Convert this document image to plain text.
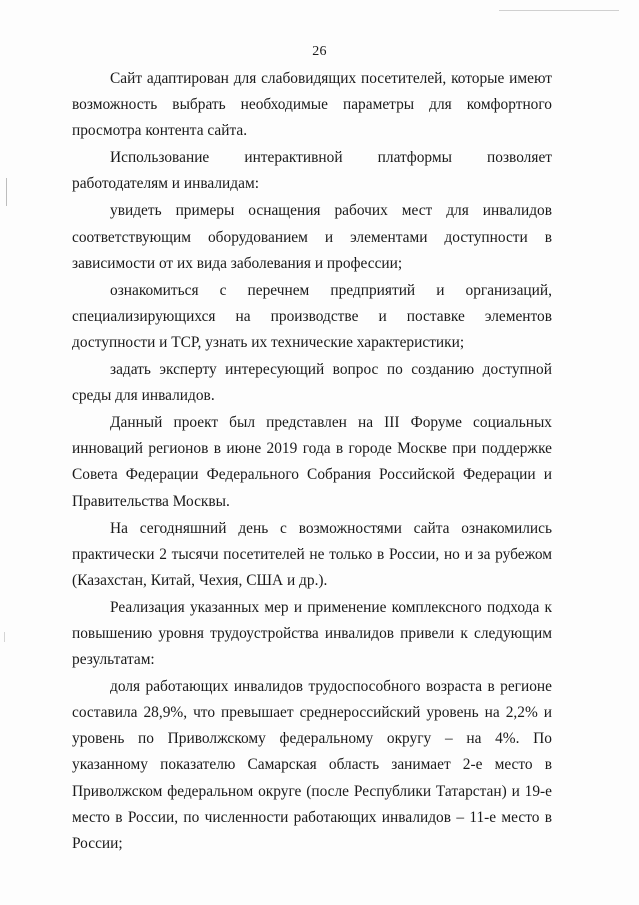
26

Сайт адаптирован для слабовидящих посетителей, которые имеют возможность выбрать необходимые параметры для комфортного просмотра контента сайта.

Использование интерактивной платформы позволяет работодателям и инвалидам:

увидеть примеры оснащения рабочих мест для инвалидов соответствующим оборудованием и элементами доступности в зависимости от их вида заболевания и профессии;

ознакомиться с перечнем предприятий и организаций, специализирующихся на производстве и поставке элементов доступности и ТСР, узнать их технические характеристики;

задать эксперту интересующий вопрос по созданию доступной среды для инвалидов.

Данный проект был представлен на III Форуме социальных инноваций регионов в июне 2019 года в городе Москве при поддержке Совета Федерации Федерального Собрания Российской Федерации и Правительства Москвы.

На сегодняшний день с возможностями сайта ознакомились практически 2 тысячи посетителей не только в России, но и за рубежом (Казахстан, Китай, Чехия, США и др.).

Реализация указанных мер и применение комплексного подхода к повышению уровня трудоустройства инвалидов привели к следующим результатам:

доля работающих инвалидов трудоспособного возраста в регионе составила 28,9%, что превышает среднероссийский уровень на 2,2% и уровень по Приволжскому федеральному округу – на 4%. По указанному показателю Самарская область занимает 2-е место в Приволжском федеральном округе (после Республики Татарстан) и 19-е место в России, по численности работающих инвалидов – 11-е место в России;
